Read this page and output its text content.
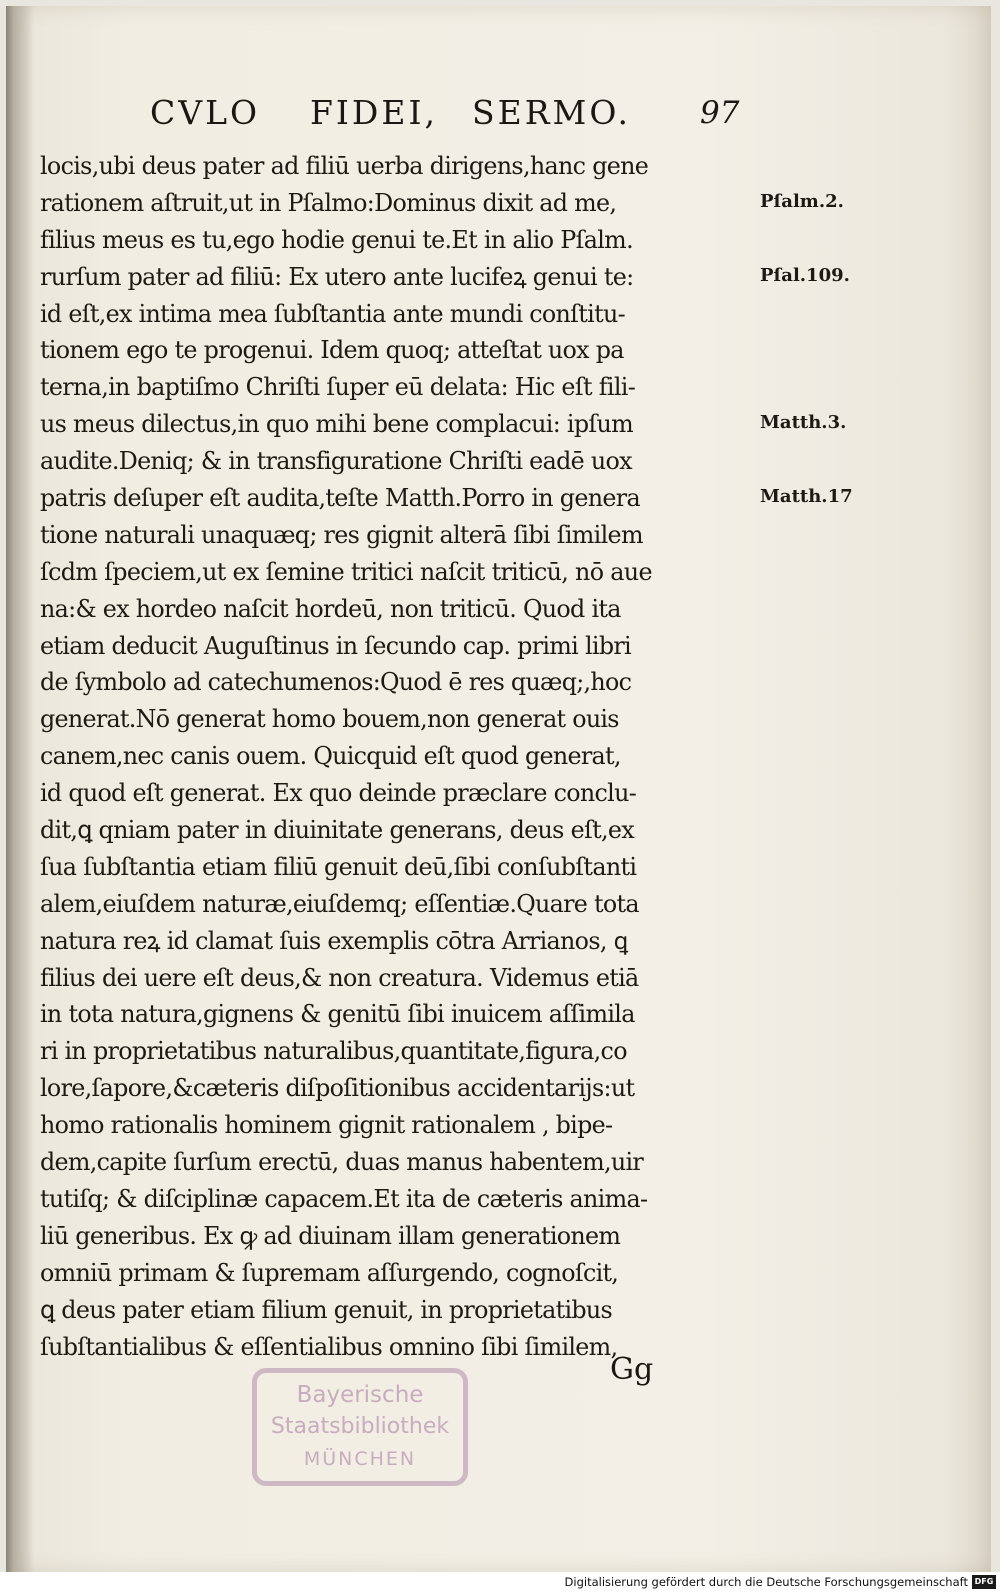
CVLO FIDEI, SERMO. 97
locis,ubi deus pater ad filiū uerba dirigens,hanc gene
rationem aſtruit,ut in Pſalmo:Dominus dixit ad me,
filius meus es tu,ego hodie genui te.Et in alio Pſalm.
rurſum pater ad filiū: Ex utero ante lucifeꝝ genui te:
id eſt,ex intima mea ſubſtantia ante mundi conſtitu-
tionem ego te progenui. Idem quoq; atteſtat uox pa
terna,in baptiſmo Chriſti ſuper eū delata: Hic eſt fili-
us meus dilectus,in quo mihi bene complacui: ipſum
audite.Deniq; & in transfiguratione Chriſti eadē uox
patris deſuper eſt audita,teſte Matth.Porro in genera
tione naturali unaquæq; res gignit alterā ſibi ſimilem
ſcdm ſpeciem,ut ex ſemine tritici naſcit triticū, nō aue
na:& ex hordeo naſcit hordeū, non triticū. Quod ita
etiam deducit Auguſtinus in ſecundo cap. primi libri
de ſymbolo ad catechumenos:Quod ē res quæq;,hoc
generat.Nō generat homo bouem,non generat ouis
canem,nec canis ouem. Quicquid eſt quod generat,
id quod eſt generat. Ex quo deinde præclare conclu-
dit,ꝗ qniam pater in diuinitate generans, deus eſt,ex
ſua ſubſtantia etiam filiū genuit deū,ſibi conſubſtanti
alem,eiuſdem naturæ,eiuſdemq; eſſentiæ.Quare tota
natura reꝝ id clamat ſuis exemplis cōtra Arrianos, ꝗ
filius dei uere eſt deus,& non creatura. Videmus etiā
in tota natura,gignens & genitū ſibi inuicem aſſimila
ri in proprietatibus naturalibus,quantitate,figura,co
lore,ſapore,&cæteris diſpoſitionibus accidentarijs:ut
homo rationalis hominem gignit rationalem , bipe-
dem,capite ſurſum erectū, duas manus habentem,uir
tutiſq; & diſciplinæ capacem.Et ita de cæteris anima-
liū generibus. Ex ꝙ ad diuinam illam generationem
omniū primam & ſupremam aſſurgendo, cognoſcit,
ꝗ deus pater etiam filium genuit, in proprietatibus
ſubſtantialibus & eſſentialibus omnino ſibi ſimilem,
Pſalm.2.
Pſal.109.
Matth.3.
Matth.17
Gg
Bayerische
Staatsbibliothek
MÜNCHEN
Digitalisierung gefördert durch die Deutsche Forschungsgemeinschaft DFG
